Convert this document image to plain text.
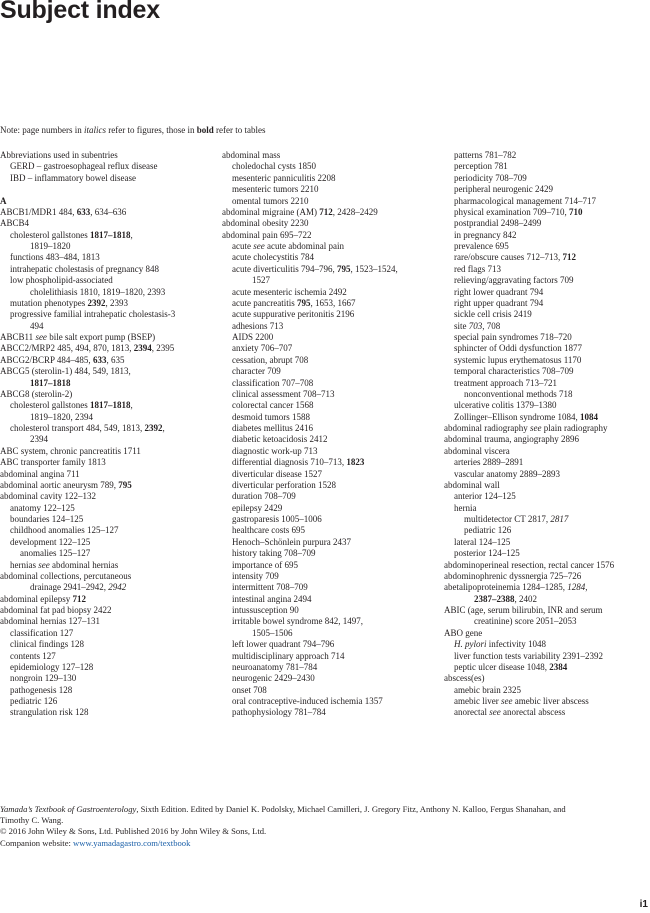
Subject index
Note: page numbers in italics refer to figures, those in bold refer to tables
Abbreviations used in subentries
GERD – gastroesophageal reflux disease
IBD – inflammatory bowel disease
A
ABCB1/MDR1 484, 633, 634–636
ABCB4
cholesterol gallstones 1817–1818,
1819–1820
functions 483–484, 1813
intrahepatic cholestasis of pregnancy 848
low phospholipid-associated
cholelithiasis 1810, 1819–1820, 2393
mutation phenotypes 2392, 2393
progressive familial intrahepatic cholestasis-3
494
ABCB11 see bile salt export pump (BSEP)
ABCC2/MRP2 485, 494, 870, 1813, 2394, 2395
ABCG2/BCRP 484–485, 633, 635
ABCG5 (sterolin-1) 484, 549, 1813,
1817–1818
ABCG8 (sterolin-2)
cholesterol gallstones 1817–1818,
1819–1820, 2394
cholesterol transport 484, 549, 1813, 2392,
2394
ABC system, chronic pancreatitis 1711
ABC transporter family 1813
abdominal angina 711
abdominal aortic aneurysm 789, 795
abdominal cavity 122–132
anatomy 122–125
boundaries 124–125
childhood anomalies 125–127
development 122–125
anomalies 125–127
hernias see abdominal hernias
abdominal collections, percutaneous
drainage 2941–2942, 2942
abdominal epilepsy 712
abdominal fat pad biopsy 2422
abdominal hernias 127–131
classification 127
clinical findings 128
contents 127
epidemiology 127–128
nongroin 129–130
pathogenesis 128
pediatric 126
strangulation risk 128
abdominal mass
choledochal cysts 1850
mesenteric panniculitis 2208
mesenteric tumors 2210
omental tumors 2210
abdominal migraine (AM) 712, 2428–2429
abdominal obesity 2230
abdominal pain 695–722
acute see acute abdominal pain
acute cholecystitis 784
acute diverticulitis 794–796, 795, 1523–1524,
1527
acute mesenteric ischemia 2492
acute pancreatitis 795, 1653, 1667
acute suppurative peritonitis 2196
adhesions 713
AIDS 2200
anxiety 706–707
cessation, abrupt 708
character 709
classification 707–708
clinical assessment 708–713
colorectal cancer 1568
desmoid tumors 1588
diabetes mellitus 2416
diabetic ketoacidosis 2412
diagnostic work-up 713
differential diagnosis 710–713, 1823
diverticular disease 1527
diverticular perforation 1528
duration 708–709
epilepsy 2429
gastroparesis 1005–1006
healthcare costs 695
Henoch–Schönlein purpura 2437
history taking 708–709
importance of 695
intensity 709
intermittent 708–709
intestinal angina 2494
intussusception 90
irritable bowel syndrome 842, 1497,
1505–1506
left lower quadrant 794–796
multidisciplinary approach 714
neuroanatomy 781–784
neurogenic 2429–2430
onset 708
oral contraceptive-induced ischemia 1357
pathophysiology 781–784
patterns 781–782
perception 781
periodicity 708–709
peripheral neurogenic 2429
pharmacological management 714–717
physical examination 709–710, 710
postprandial 2498–2499
in pregnancy 842
prevalence 695
rare/obscure causes 712–713, 712
red flags 713
relieving/aggravating factors 709
right lower quadrant 794
right upper quadrant 794
sickle cell crisis 2419
site 703, 708
special pain syndromes 718–720
sphincter of Oddi dysfunction 1877
systemic lupus erythematosus 1170
temporal characteristics 708–709
treatment approach 713–721
nonconventional methods 718
ulcerative colitis 1379–1380
Zollinger–Ellison syndrome 1084, 1084
abdominal radiography see plain radiography
abdominal trauma, angiography 2896
abdominal viscera
arteries 2889–2891
vascular anatomy 2889–2893
abdominal wall
anterior 124–125
hernia
multidetector CT 2817, 2817
pediatric 126
lateral 124–125
posterior 124–125
abdominoperineal resection, rectal cancer 1576
abdominophrenic dyssnergia 725–726
abetalipoproteinemia 1284–1285, 1284,
2387–2388, 2402
ABIC (age, serum bilirubin, INR and serum
creatinine) score 2051–2053
ABO gene
H. pylori infectivity 1048
liver function tests variability 2391–2392
peptic ulcer disease 1048, 2384
abscess(es)
amebic brain 2325
amebic liver see amebic liver abscess
anorectal see anorectal abscess
Yamada’s Textbook of Gastroenterology, Sixth Edition. Edited by Daniel K. Podolsky, Michael Camilleri, J. Gregory Fitz, Anthony N. Kalloo, Fergus Shanahan, and
Timothy C. Wang.
© 2016 John Wiley & Sons, Ltd. Published 2016 by John Wiley & Sons, Ltd.
Companion website: www.yamadagastro.com/textbook
i1
